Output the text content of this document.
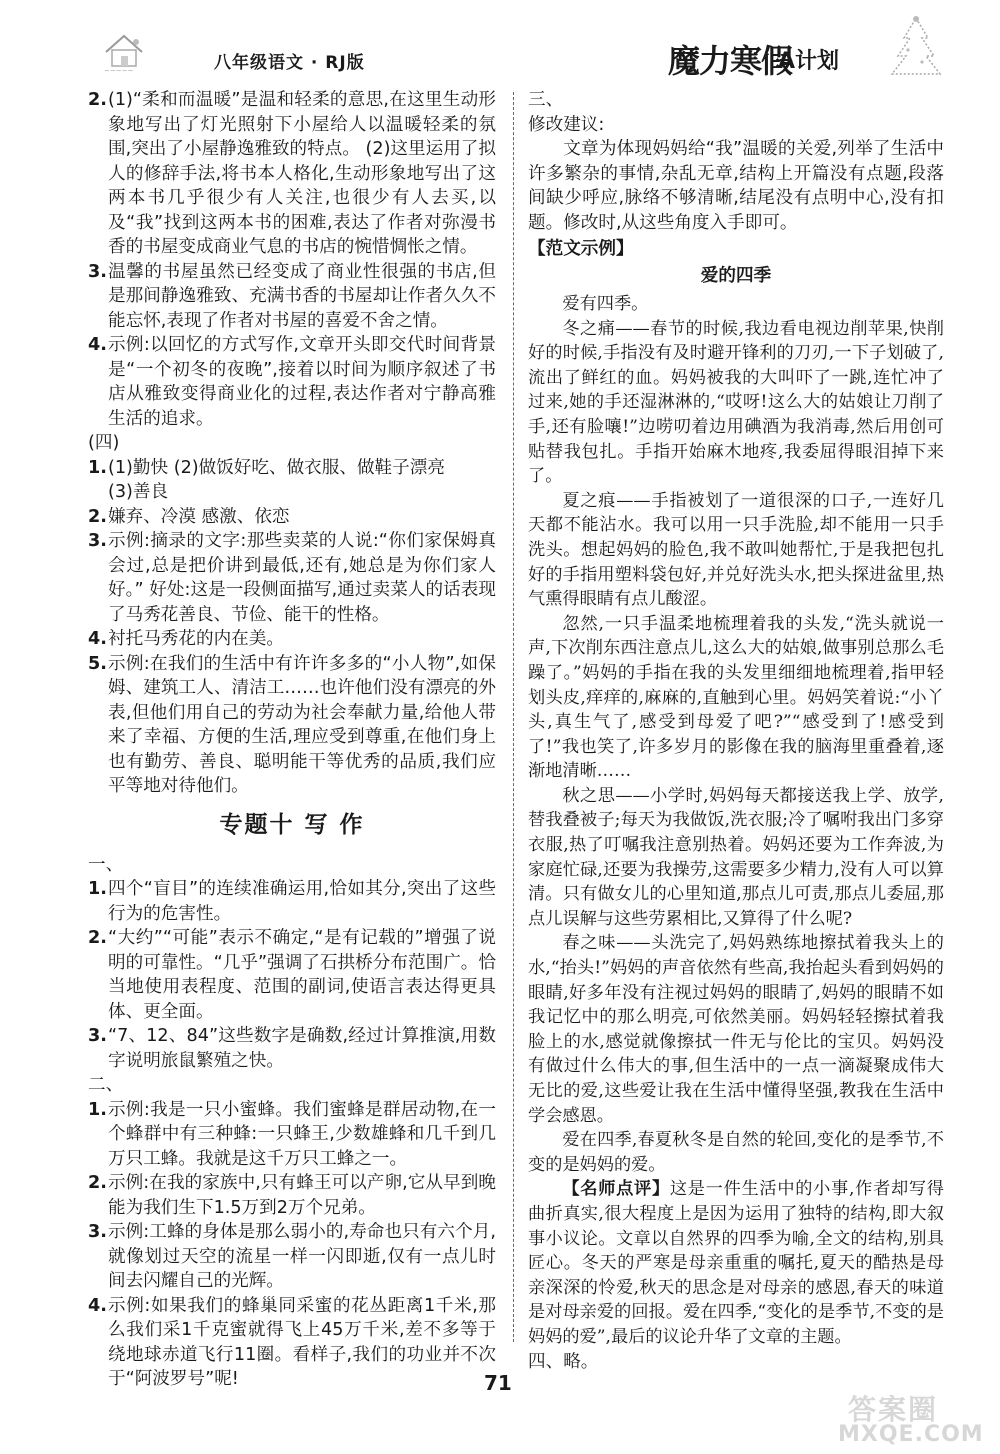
~~~~~	八年级语文 · RJ版	魔力寒假
A计划
2. (1)“柔和而温暖”是温和轻柔的意思,在这里生动形象地写出了灯光照射下小屋给人以温暖轻柔的氛围,突出了小屋静逸雅致的特点。 (2)这里运用了拟人的修辞手法,将书本人格化,生动形象地写出了这两本书几乎很少有人关注,也很少有人去买,以及“我”找到这两本书的困难,表达了作者对弥漫书香的书屋变成商业气息的书店的惋惜惆怅之情。
3. 温馨的书屋虽然已经变成了商业性很强的书店,但是那间静逸雅致、充满书香的书屋却让作者久久不能忘怀,表现了作者对书屋的喜爱不舍之情。
4. 示例:以回忆的方式写作,文章开头即交代时间背景是“一个初冬的夜晚”,接着以时间为顺序叙述了书店从雅致变得商业化的过程,表达作者对宁静高雅生活的追求。

(四)

1. (1)勤快 (2)做饭好吃、做衣服、做鞋子漂亮

(3)善良

2. 嫌弃、冷漠 感激、依恋
3. 示例:摘录的文字:那些卖菜的人说:“你们家保姆真会过,总是把价讲到最低,还有,她总是为你们家人好。” 好处:这是一段侧面描写,通过卖菜人的话表现了马秀花善良、节俭、能干的性格。
4. 衬托马秀花的内在美。
5. 示例:在我们的生活中有许许多多的“小人物”,如保姆、建筑工人、清洁工……也许他们没有漂亮的外表,但他们用自己的劳动为社会奉献力量,给他人带来了幸福、方便的生活,理应受到尊重,在他们身上也有勤劳、善良、聪明能干等优秀的品质,我们应平等地对待他们。

专题十 写 作

一、

1. 四个“盲目”的连续准确运用,恰如其分,突出了这些行为的危害性。
2. “大约”“可能”表示不确定,“是有记载的”增强了说明的可靠性。“几乎”强调了石拱桥分布范围广。恰当地使用表程度、范围的副词,使语言表达得更具体、更全面。
3. “7、12、84”这些数字是确数,经过计算推演,用数字说明旅鼠繁殖之快。

二、

1. 示例:我是一只小蜜蜂。我们蜜蜂是群居动物,在一个蜂群中有三种蜂:一只蜂王,少数雄蜂和几千到几万只工蜂。我就是这千万只工蜂之一。
2. 示例:在我的家族中,只有蜂王可以产卵,它从早到晚能为我们生下1.5万到2万个兄弟。
3. 示例:工蜂的身体是那么弱小的,寿命也只有六个月,就像划过天空的流星一样一闪即逝,仅有一点儿时间去闪耀自己的光辉。
4. 示例:如果我们的蜂巢同采蜜的花丛距离1千米,那么我们采1千克蜜就得飞上45万千米,差不多等于绕地球赤道飞行11圈。看样子,我们的功业并不次于“阿波罗号”呢!

三、

修改建议:

文章为体现妈妈给“我”温暖的关爱,列举了生活中许多繁杂的事情,杂乱无章,结构上开篇没有点题,段落间缺少呼应,脉络不够清晰,结尾没有点明中心,没有扣题。修改时,从这些角度入手即可。

【范文示例】

爱的四季

爱有四季。

冬之痛——春节的时候,我边看电视边削苹果,快削好的时候,手指没有及时避开锋利的刀刃,一下子划破了,流出了鲜红的血。妈妈被我的大叫吓了一跳,连忙冲了过来,她的手还湿淋淋的,“哎呀!这么大的姑娘让刀削了手,还有脸嚷!”边唠叨着边用碘酒为我消毒,然后用创可贴替我包扎。手指开始麻木地疼,我委屈得眼泪掉下来了。

夏之痕——手指被划了一道很深的口子,一连好几天都不能沾水。我可以用一只手洗脸,却不能用一只手洗头。想起妈妈的脸色,我不敢叫她帮忙,于是我把包扎好的手指用塑料袋包好,并兑好洗头水,把头探进盆里,热气熏得眼睛有点儿酸涩。

忽然,一只手温柔地梳理着我的头发,“洗头就说一声,下次削东西注意点儿,这么大的姑娘,做事别总那么毛躁了。”妈妈的手指在我的头发里细细地梳理着,指甲轻划头皮,痒痒的,麻麻的,直触到心里。妈妈笑着说:“小丫头,真生气了,感受到母爱了吧?”“感受到了!感受到了!”我也笑了,许多岁月的影像在我的脑海里重叠着,逐渐地清晰……

秋之思——小学时,妈妈每天都接送我上学、放学,替我叠被子;每天为我做饭,洗衣服;冷了嘱咐我出门多穿衣服,热了叮嘱我注意别热着。妈妈还要为工作奔波,为家庭忙碌,还要为我操劳,这需要多少精力,没有人可以算清。只有做女儿的心里知道,那点儿可责,那点儿委屈,那点儿误解与这些劳累相比,又算得了什么呢?

春之味——头洗完了,妈妈熟练地擦拭着我头上的水,“抬头!”妈妈的声音依然有些高,我抬起头看到妈妈的眼睛,好多年没有注视过妈妈的眼睛了,妈妈的眼睛不如我记忆中的那么明亮,可依然美丽。妈妈轻轻擦拭着我脸上的水,感觉就像擦拭一件无与伦比的宝贝。妈妈没有做过什么伟大的事,但生活中的一点一滴凝聚成伟大无比的爱,这些爱让我在生活中懂得坚强,教我在生活中学会感恩。

爱在四季,春夏秋冬是自然的轮回,变化的是季节,不变的是妈妈的爱。

【名师点评】这是一件生活中的小事,作者却写得曲折真实,很大程度上是因为运用了独特的结构,即大叙事小议论。文章以自然界的四季为喻,全文的结构,别具匠心。冬天的严寒是母亲重重的嘱托,夏天的酷热是母亲深深的怜爱,秋天的思念是对母亲的感恩,春天的味道是对母亲爱的回报。爱在四季,“变化的是季节,不变的是妈妈的爱”,最后的议论升华了文章的主题。

四、略。

71
答案圈
MXQE.COM
